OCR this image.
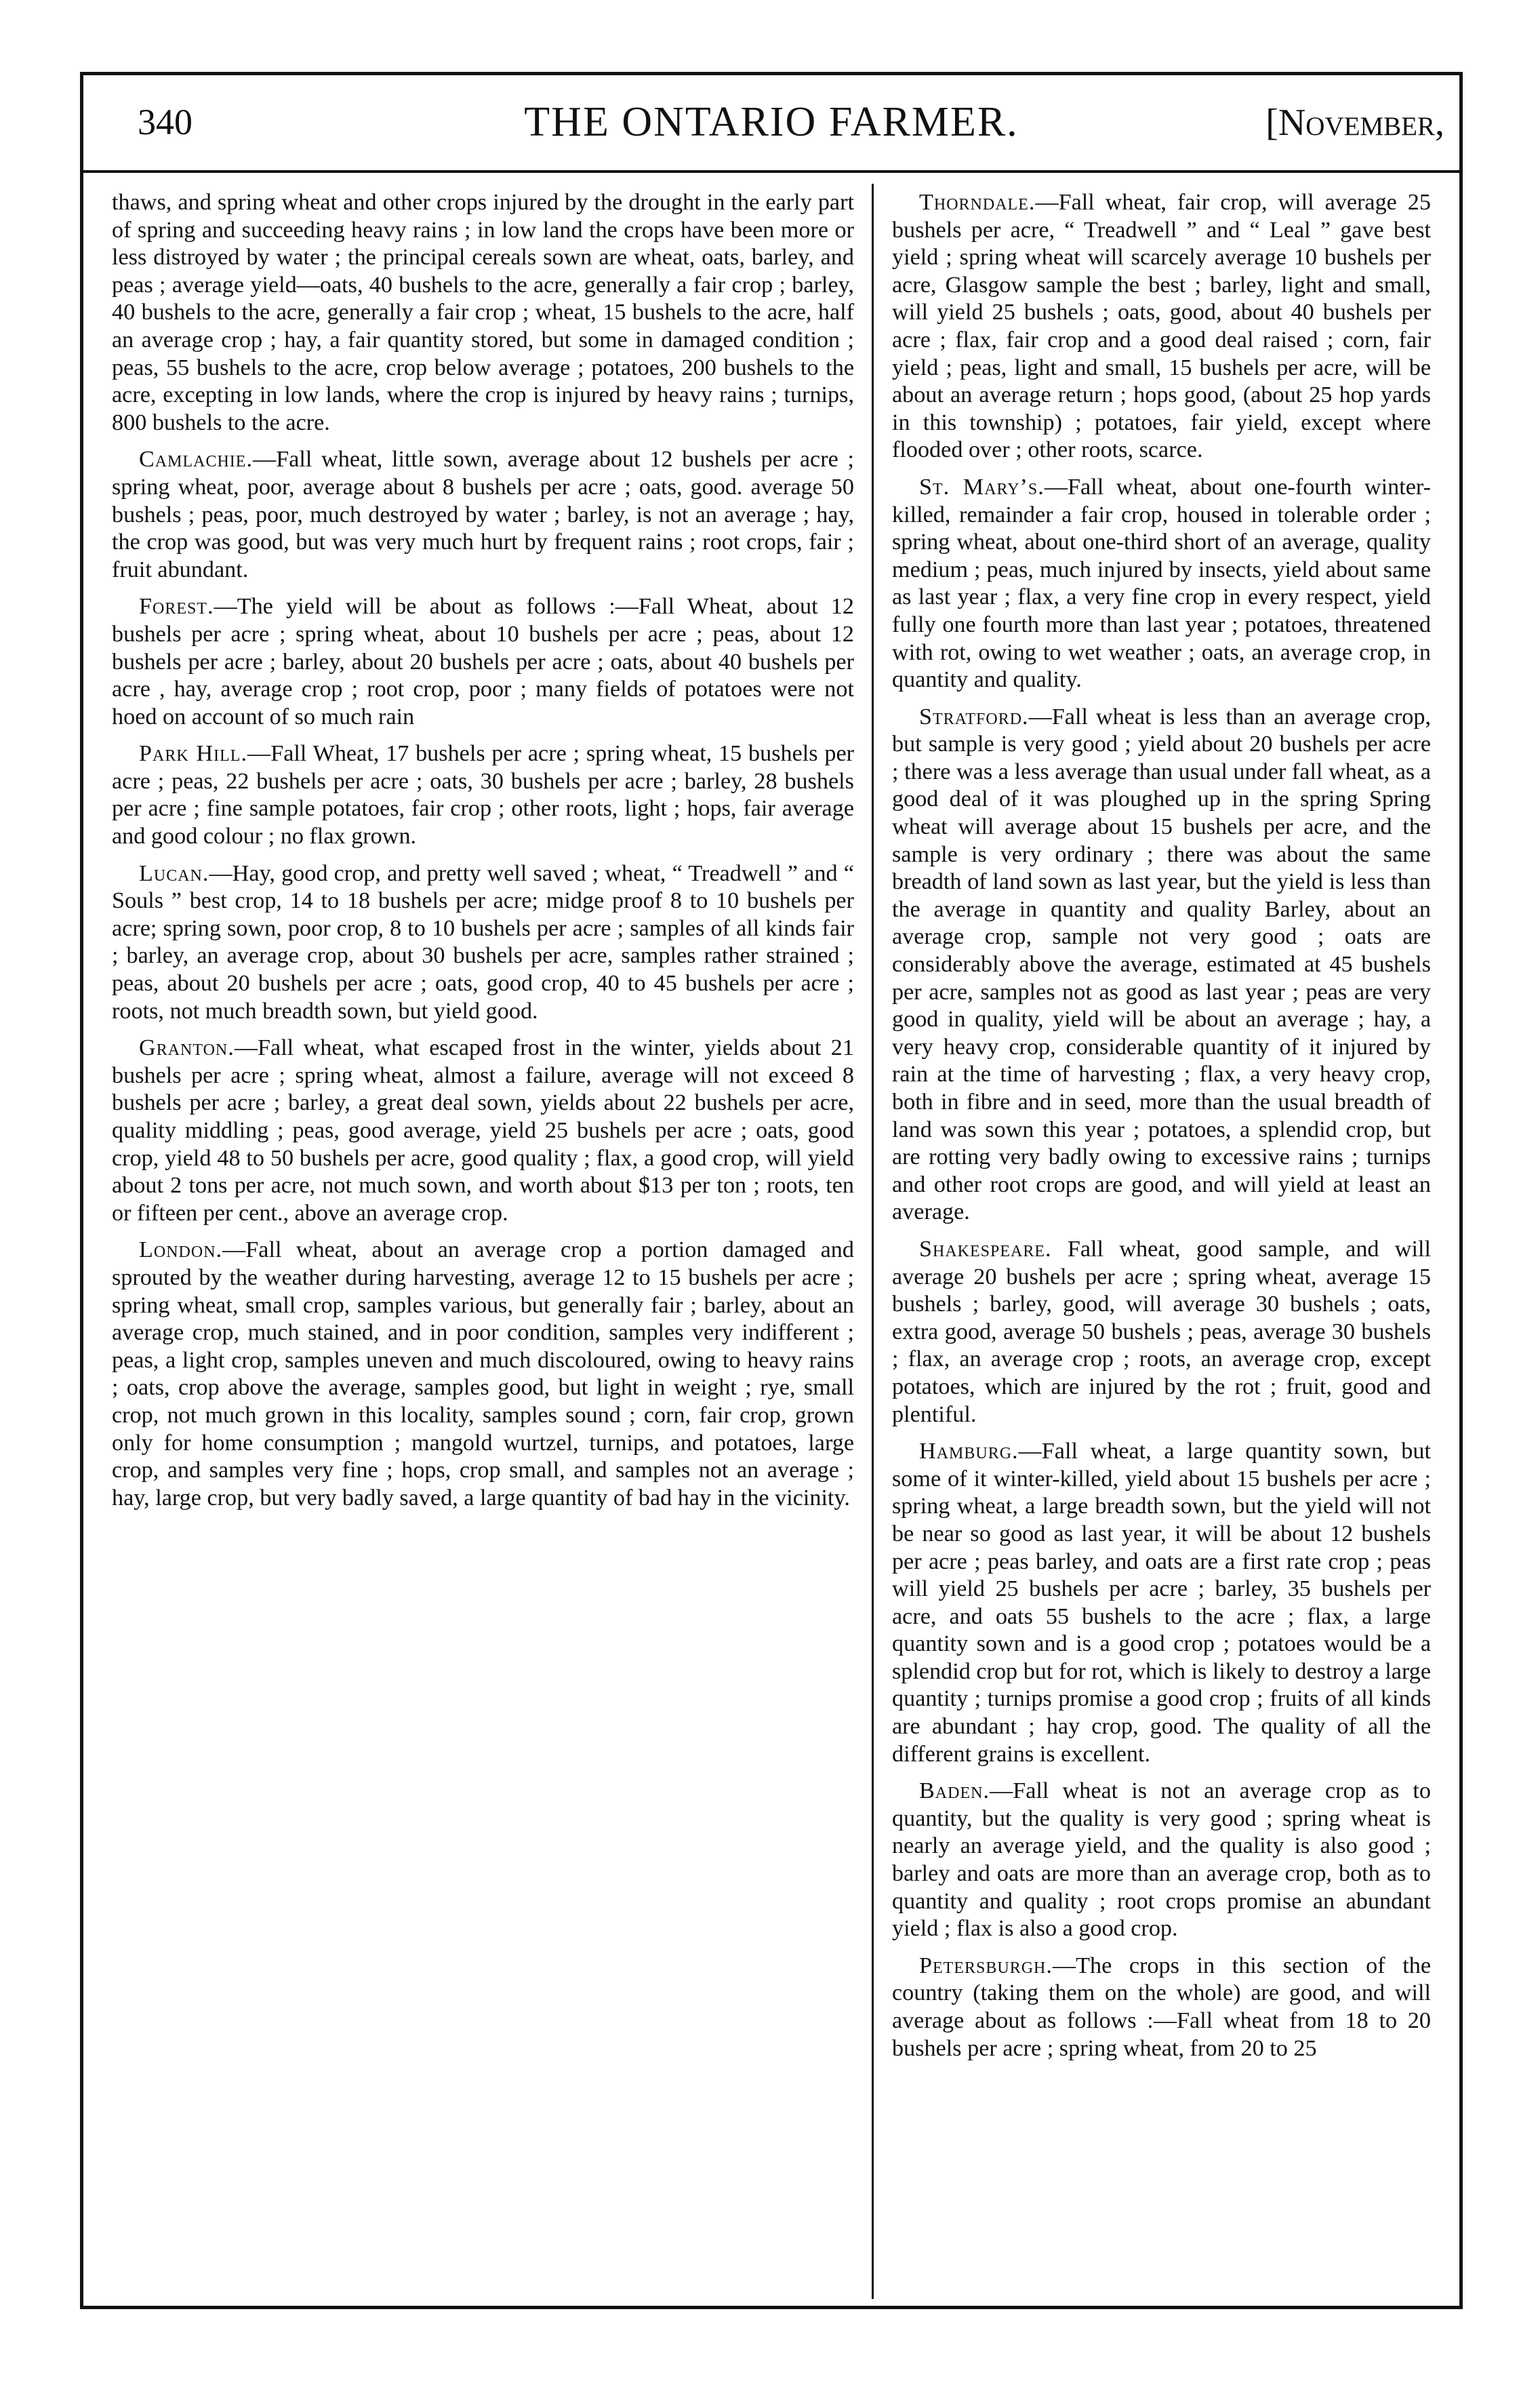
340	THE ONTARIO FARMER.	[November,

thaws, and spring wheat and other crops injured by the drought in the early part of spring and succeeding heavy rains ; in low land the crops have been more or less distroyed by water ; the principal cereals sown are wheat, oats, barley, and peas ; average yield—oats, 40 bushels to the acre, generally a fair crop ; barley, 40 bushels to the acre, generally a fair crop ; wheat, 15 bushels to the acre, half an average crop ; hay, a fair quantity stored, but some in damaged condition ; peas, 55 bushels to the acre, crop below average ; potatoes, 200 bushels to the acre, excepting in low lands, where the crop is injured by heavy rains ; turnips, 800 bushels to the acre.

Camlachie.—Fall wheat, little sown, average about 12 bushels per acre ; spring wheat, poor, average about 8 bushels per acre ; oats, good. average 50 bushels ; peas, poor, much destroyed by water ; barley, is not an average ; hay, the crop was good, but was very much hurt by frequent rains ; root crops, fair ; fruit abundant.

Forest.—The yield will be about as follows :—Fall Wheat, about 12 bushels per acre ; spring wheat, about 10 bushels per acre ; peas, about 12 bushels per acre ; barley, about 20 bushels per acre ; oats, about 40 bushels per acre , hay, average crop ; root crop, poor ; many fields of potatoes were not hoed on account of so much rain

Park Hill.—Fall Wheat, 17 bushels per acre ; spring wheat, 15 bushels per acre ; peas, 22 bushels per acre ; oats, 30 bushels per acre ; barley, 28 bushels per acre ; fine sample potatoes, fair crop ; other roots, light ; hops, fair average and good colour ; no flax grown.

Lucan.—Hay, good crop, and pretty well saved ; wheat, “ Treadwell ” and “ Souls ” best crop, 14 to 18 bushels per acre; midge proof 8 to 10 bushels per acre; spring sown, poor crop, 8 to 10 bushels per acre ; samples of all kinds fair ; barley, an average crop, about 30 bushels per acre, samples rather strained ; peas, about 20 bushels per acre ; oats, good crop, 40 to 45 bushels per acre ; roots, not much breadth sown, but yield good.

Granton.—Fall wheat, what escaped frost in the winter, yields about 21 bushels per acre ; spring wheat, almost a failure, average will not exceed 8 bushels per acre ; barley, a great deal sown, yields about 22 bushels per acre, quality middling ; peas, good average, yield 25 bushels per acre ; oats, good crop, yield 48 to 50 bushels per acre, good quality ; flax, a good crop, will yield about 2 tons per acre, not much sown, and worth about $13 per ton ; roots, ten or fifteen per cent., above an average crop.

London.—Fall wheat, about an average crop a portion damaged and sprouted by the weather during harvesting, average 12 to 15 bushels per acre ; spring wheat, small crop, samples various, but generally fair ; barley, about an average crop, much stained, and in poor condition, samples very indifferent ; peas, a light crop, samples uneven and much discoloured, owing to heavy rains ; oats, crop above the average, samples good, but light in weight ; rye, small crop, not much grown in this locality, samples sound ; corn, fair crop, grown only for home consumption ; mangold wurtzel, turnips, and potatoes, large crop, and samples very fine ; hops, crop small, and samples not an average ; hay, large crop, but very badly saved, a large quantity of bad hay in the vicinity.

Thorndale.—Fall wheat, fair crop, will average 25 bushels per acre, “ Treadwell ” and “ Leal ” gave best yield ; spring wheat will scarcely average 10 bushels per acre, Glasgow sample the best ; barley, light and small, will yield 25 bushels ; oats, good, about 40 bushels per acre ; flax, fair crop and a good deal raised ; corn, fair yield ; peas, light and small, 15 bushels per acre, will be about an average return ; hops good, (about 25 hop yards in this township) ; potatoes, fair yield, except where flooded over ; other roots, scarce.

St. Mary’s.—Fall wheat, about one-fourth winter-killed, remainder a fair crop, housed in tolerable order ; spring wheat, about one-third short of an average, quality medium ; peas, much injured by insects, yield about same as last year ; flax, a very fine crop in every respect, yield fully one fourth more than last year ; potatoes, threatened with rot, owing to wet weather ; oats, an average crop, in quantity and quality.

Stratford.—Fall wheat is less than an average crop, but sample is very good ; yield about 20 bushels per acre ; there was a less average than usual under fall wheat, as a good deal of it was ploughed up in the spring Spring wheat will average about 15 bushels per acre, and the sample is very ordinary ; there was about the same breadth of land sown as last year, but the yield is less than the average in quantity and quality Barley, about an average crop, sample not very good ; oats are considerably above the average, estimated at 45 bushels per acre, samples not as good as last year ; peas are very good in quality, yield will be about an average ; hay, a very heavy crop, considerable quantity of it injured by rain at the time of harvesting ; flax, a very heavy crop, both in fibre and in seed, more than the usual breadth of land was sown this year ; potatoes, a splendid crop, but are rotting very badly owing to excessive rains ; turnips and other root crops are good, and will yield at least an average.

Shakespeare. Fall wheat, good sample, and will average 20 bushels per acre ; spring wheat, average 15 bushels ; barley, good, will average 30 bushels ; oats, extra good, average 50 bushels ; peas, average 30 bushels ; flax, an average crop ; roots, an average crop, except potatoes, which are injured by the rot ; fruit, good and plentiful.

Hamburg.—Fall wheat, a large quantity sown, but some of it winter-killed, yield about 15 bushels per acre ; spring wheat, a large breadth sown, but the yield will not be near so good as last year, it will be about 12 bushels per acre ; peas barley, and oats are a first rate crop ; peas will yield 25 bushels per acre ; barley, 35 bushels per acre, and oats 55 bushels to the acre ; flax, a large quantity sown and is a good crop ; potatoes would be a splendid crop but for rot, which is likely to destroy a large quantity ; turnips promise a good crop ; fruits of all kinds are abundant ; hay crop, good. The quality of all the different grains is excellent.

Baden.—Fall wheat is not an average crop as to quantity, but the quality is very good ; spring wheat is nearly an average yield, and the quality is also good ; barley and oats are more than an average crop, both as to quantity and quality ; root crops promise an abundant yield ; flax is also a good crop.

Petersburgh.—The crops in this section of the country (taking them on the whole) are good, and will average about as follows :—Fall wheat from 18 to 20 bushels per acre ; spring wheat, from 20 to 25
